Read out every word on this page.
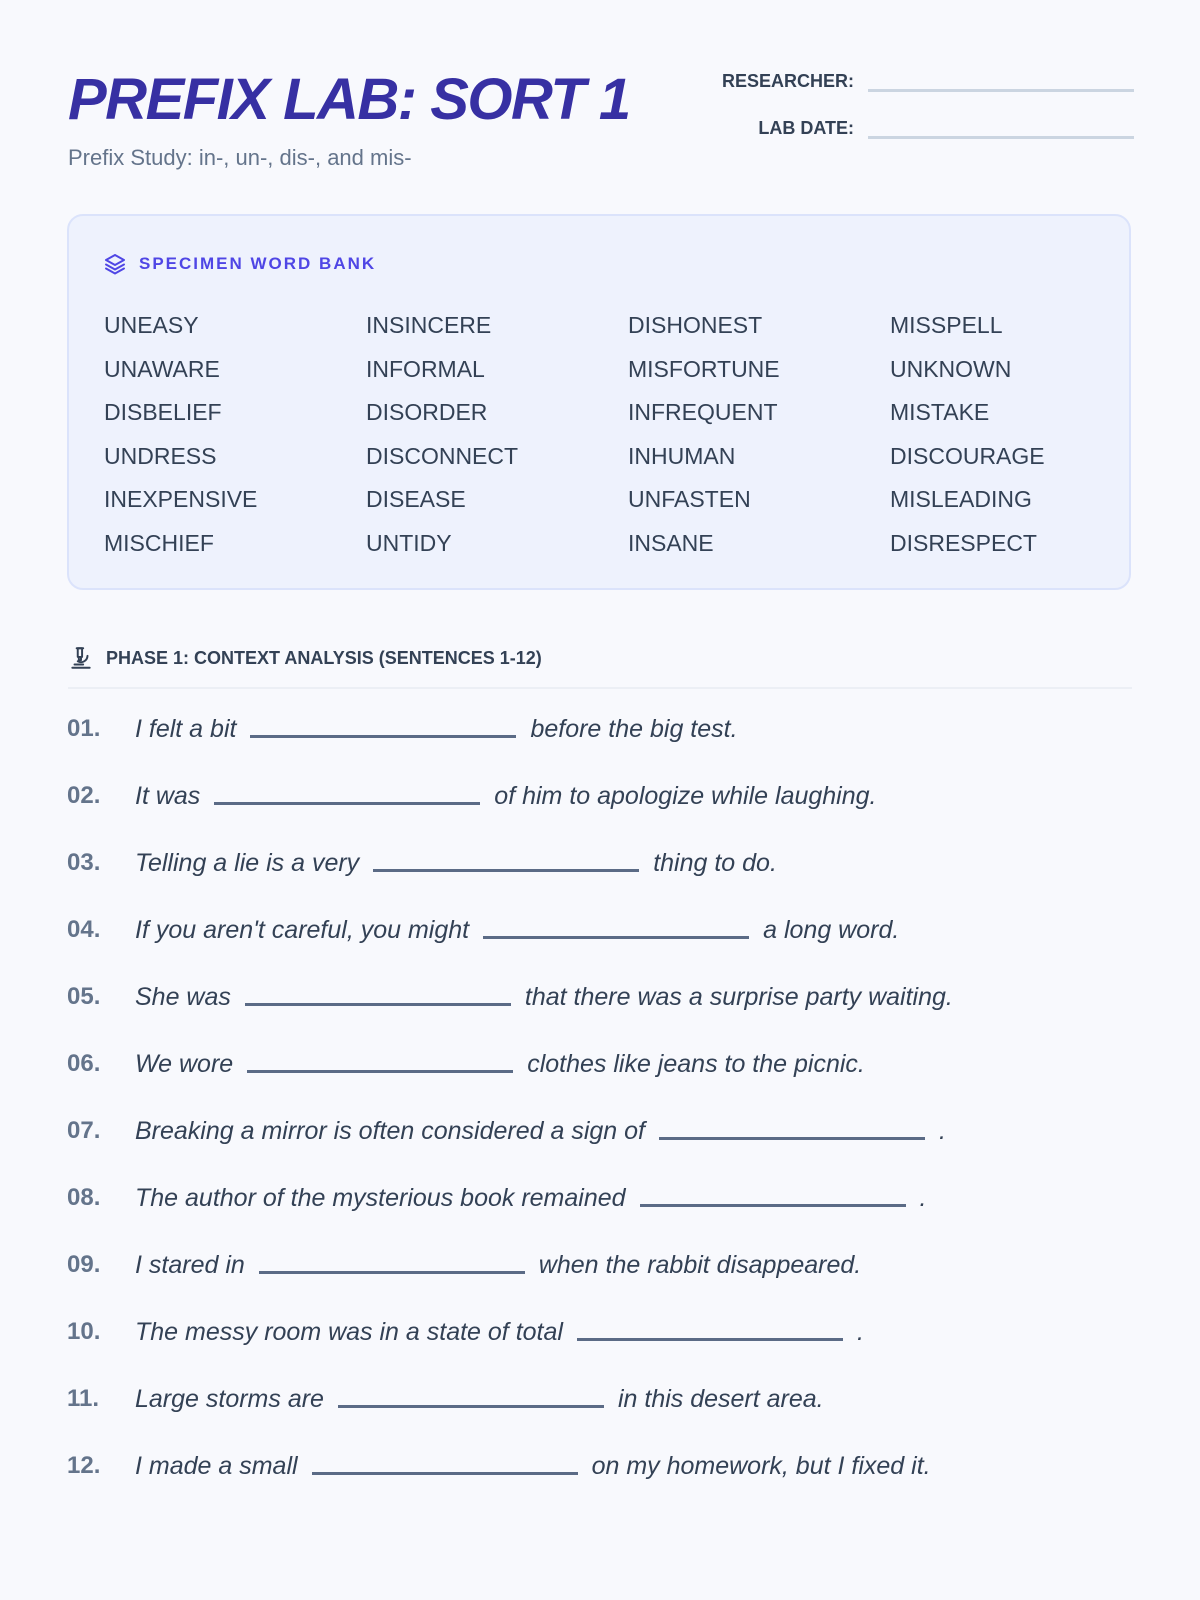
PREFIX LAB: SORT 1
Prefix Study: in-, un-, dis-, and mis-
RESEARCHER:
LAB DATE:
SPECIMEN WORD BANK
UNEASY	INSINCERE	DISHONEST	MISSPELL
UNAWARE	INFORMAL	MISFORTUNE	UNKNOWN
DISBELIEF	DISORDER	INFREQUENT	MISTAKE
UNDRESS	DISCONNECT	INHUMAN	DISCOURAGE
INEXPENSIVE	DISEASE	UNFASTEN	MISLEADING
MISCHIEF	UNTIDY	INSANE	DISRESPECT
PHASE 1: CONTEXT ANALYSIS (SENTENCES 1-12)
01.	I felt a bit	before the big test.
02.	It was	of him to apologize while laughing.
03.	Telling a lie is a very	thing to do.
04.	If you aren't careful, you might	a long word.
05.	She was	that there was a surprise party waiting.
06.	We wore	clothes like jeans to the picnic.
07.	Breaking a mirror is often considered a sign of	.
08.	The author of the mysterious book remained	.
09.	I stared in	when the rabbit disappeared.
10.	The messy room was in a state of total	.
11.	Large storms are	in this desert area.
12.	I made a small	on my homework, but I fixed it.
